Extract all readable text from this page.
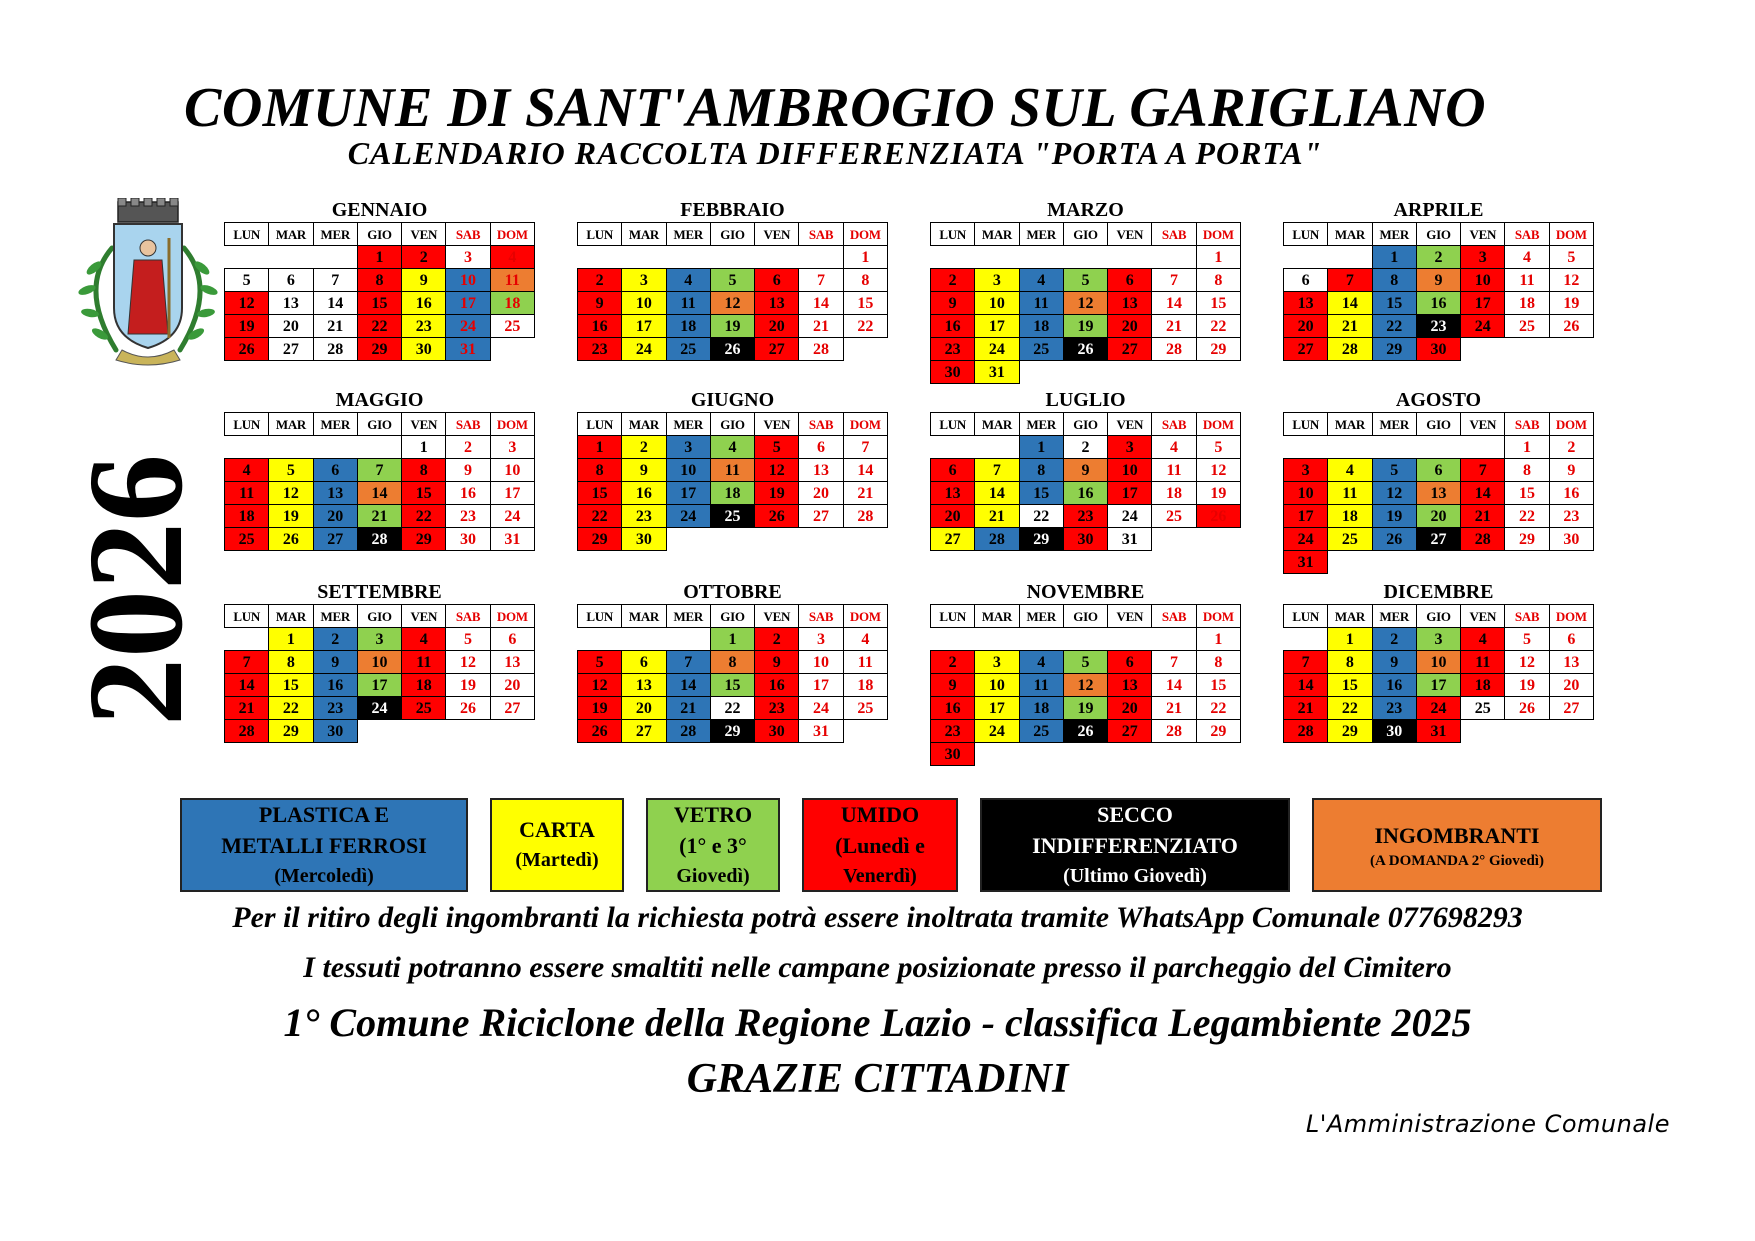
COMUNE DI SANT'AMBROGIO SUL GARIGLIANO
CALENDARIO RACCOLTA DIFFERENZIATA "PORTA A PORTA"
2026
GENNAIO
LUN	MAR	MER	GIO	VEN	SAB	DOM
			1	2	3	4
5	6	7	8	9	10	11
12	13	14	15	16	17	18
19	20	21	22	23	24	25
26	27	28	29	30	31	
FEBBRAIO
LUN	MAR	MER	GIO	VEN	SAB	DOM
						1
2	3	4	5	6	7	8
9	10	11	12	13	14	15
16	17	18	19	20	21	22
23	24	25	26	27	28	
MARZO
LUN	MAR	MER	GIO	VEN	SAB	DOM
						1
2	3	4	5	6	7	8
9	10	11	12	13	14	15
16	17	18	19	20	21	22
23	24	25	26	27	28	29
30	31					
ARPRILE
LUN	MAR	MER	GIO	VEN	SAB	DOM
		1	2	3	4	5
6	7	8	9	10	11	12
13	14	15	16	17	18	19
20	21	22	23	24	25	26
27	28	29	30			
MAGGIO
LUN	MAR	MER	GIO	VEN	SAB	DOM
				1	2	3
4	5	6	7	8	9	10
11	12	13	14	15	16	17
18	19	20	21	22	23	24
25	26	27	28	29	30	31
GIUGNO
LUN	MAR	MER	GIO	VEN	SAB	DOM
1	2	3	4	5	6	7
8	9	10	11	12	13	14
15	16	17	18	19	20	21
22	23	24	25	26	27	28
29	30					
LUGLIO
LUN	MAR	MER	GIO	VEN	SAB	DOM
		1	2	3	4	5
6	7	8	9	10	11	12
13	14	15	16	17	18	19
20	21	22	23	24	25	26
27	28	29	30	31		
AGOSTO
LUN	MAR	MER	GIO	VEN	SAB	DOM
					1	2
3	4	5	6	7	8	9
10	11	12	13	14	15	16
17	18	19	20	21	22	23
24	25	26	27	28	29	30
31						
SETTEMBRE
LUN	MAR	MER	GIO	VEN	SAB	DOM
	1	2	3	4	5	6
7	8	9	10	11	12	13
14	15	16	17	18	19	20
21	22	23	24	25	26	27
28	29	30				
OTTOBRE
LUN	MAR	MER	GIO	VEN	SAB	DOM
			1	2	3	4
5	6	7	8	9	10	11
12	13	14	15	16	17	18
19	20	21	22	23	24	25
26	27	28	29	30	31	
NOVEMBRE
LUN	MAR	MER	GIO	VEN	SAB	DOM
						1
2	3	4	5	6	7	8
9	10	11	12	13	14	15
16	17	18	19	20	21	22
23	24	25	26	27	28	29
30						
DICEMBRE
LUN	MAR	MER	GIO	VEN	SAB	DOM
	1	2	3	4	5	6
7	8	9	10	11	12	13
14	15	16	17	18	19	20
21	22	23	24	25	26	27
28	29	30	31			
PLASTICA E
METALLI FERROSI
(Mercoledì)
CARTA
(Martedì)
VETRO
(1° e 3°
Giovedì)
UMIDO
(Lunedì e
Venerdì)
SECCO
INDIFFERENZIATO
(Ultimo Giovedì)
INGOMBRANTI
(A DOMANDA 2° Giovedì)
Per il ritiro degli ingombranti la richiesta potrà essere inoltrata tramite WhatsApp Comunale 077698293
I tessuti potranno essere smaltiti nelle campane posizionate presso il parcheggio del Cimitero
1° Comune Riciclone della Regione Lazio - classifica Legambiente 2025
GRAZIE CITTADINI
L'Amministrazione Comunale
